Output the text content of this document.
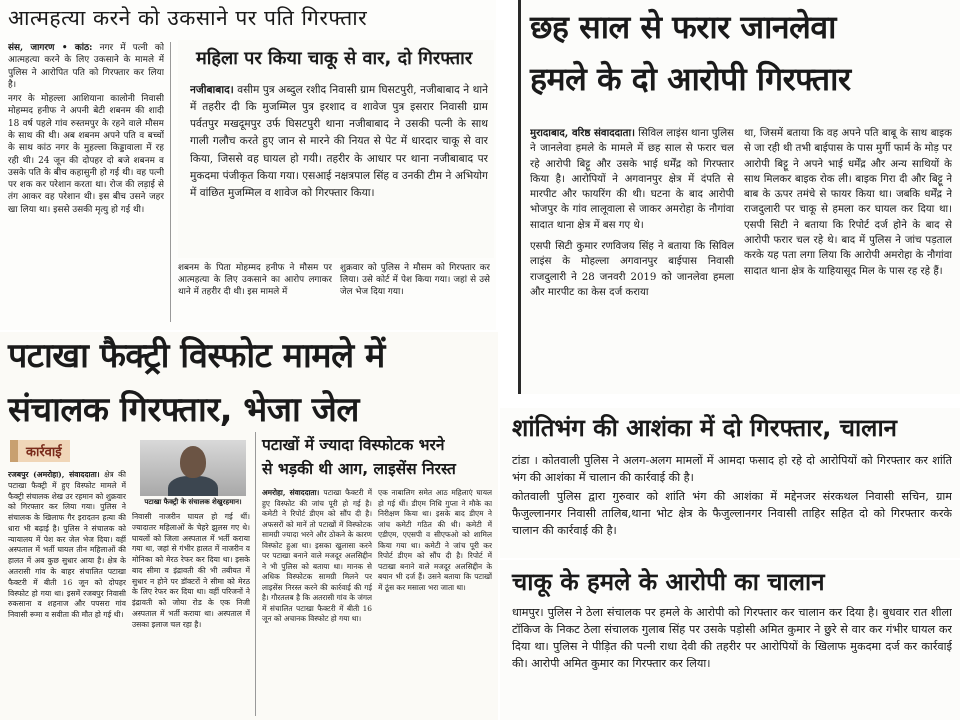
आत्महत्या करने को उकसाने पर पति गिरफ्तार

संस, जागरण • कांठ: नगर में पत्नी को आत्महत्या करने के लिए उकसाने के मामले में पुलिस ने आरोपित पति को गिरफ्तार कर लिया है।

नगर के मोहल्ला आशियाना कालोनी निवासी मोहम्मद हनीफ ने अपनी बेटी शबनम की शादी 18 वर्ष पहले गांव रुस्तमपुर के रहने वाले मौसम के साथ की थी। अब शबनम अपने पति व बच्चों के साथ कांठ नगर के मुहल्ला किड्डावाला में रह रही थी। 24 जून की दोपहर दो बजे शबनम व उसके पति के बीच कहासुनी हो गई थी। वह पत्नी पर शक कर परेशान करता था। रोज की लड़ाई से तंग आकर वह परेशान थी। इस बीच उसने जहर खा लिया था। इससे उसकी मृत्यु हो गई थी।

महिला पर किया चाकू से वार, दो गिरफ्तार

नजीबाबाद। वसीम पुत्र अब्दुल रशीद निवासी ग्राम घिसटपुरी, नजीबाबाद ने थाने में तहरीर दी कि मुजम्मिल पुत्र इरशाद व शावेज पुत्र इसरार निवासी ग्राम पर्वतपुर मखदूमपुर उर्फ घिसटपुरी थाना नजीबाबाद ने उसकी पत्नी के साथ गाली गलौच करते हुए जान से मारने की नियत से पेट में धारदार चाकू से वार किया, जिससे वह घायल हो गयी। तहरीर के आधार पर थाना नजीबाबाद पर मुकदमा पंजीकृत किया गया। एसआई नक्षत्रपाल सिंह व उनकी टीम ने अभियोग में वांछित मुजम्मिल व शावेज को गिरफ्तार किया।

शबनम के पिता मोहम्मद हनीफ ने मौसम पर आत्महत्या के लिए उकसाने का आरोप लगाकर थाने में तहरीर दी थी। इस मामले में

शुक्रवार को पुलिस ने मौसम को गिरफ्तार कर लिया। उसे कोर्ट में पेश किया गया। जहां से उसे जेल भेज दिया गया।

छह साल से फरार जानलेवा
हमले के दो आरोपी गिरफ्तार

मुरादाबाद, वरिष्ठ संवाददाता। सिविल लाइंस थाना पुलिस ने जानलेवा हमले के मामले में छह साल से फरार चल रहे आरोपी बिट्टू और उसके भाई धर्मेंद्र को गिरफ्तार किया है। आरोपियों ने अगवानपुर क्षेत्र में दंपति से मारपीट और फायरिंग की थी। घटना के बाद आरोपी भोजपुर के गांव लालूवाला से जाकर अमरोहा के नौगांवा सादात थाना क्षेत्र में बस गए थे।

एसपी सिटी कुमार रणविजय सिंह ने बताया कि सिविल लाइंस के मोहल्ला अगवानपुर बाईपास निवासी राजदुलारी ने 28 जनवरी 2019 को जानलेवा हमला और मारपीट का केस दर्ज कराया

था, जिसमें बताया कि वह अपने पति बाबू के साथ बाइक से जा रही थी तभी बाईपास के पास मुर्गी फार्म के मोड़ पर आरोपी बिट्टू ने अपने भाई धर्मेंद्र और अन्य साथियों के साथ मिलकर बाइक रोक ली। बाइक गिरा दी और बिट्टू ने बाब के ऊपर तमंचे से फायर किया था। जबकि धर्मेंद्र ने राजदुलारी पर चाकू से हमला कर घायल कर दिया था। एसपी सिटी ने बताया कि रिपोर्ट दर्ज होने के बाद से आरोपी फरार चल रहे थे। बाद में पुलिस ने जांच पड़ताल करके यह पता लगा लिया कि आरोपी अमरोहा के नौगांवा सादात थाना क्षेत्र के याहियासूद मिल के पास रह रहे हैं।

पटाखा फैक्ट्री विस्फोट मामले में
संचालक गिरफ्तार, भेजा जेल
कार्रवाई
पटाखा फैक्ट्री के संचालक शेखुरहमान।

रजबपुर (अमरोहा), संवाददाता। क्षेत्र की पटाखा फैक्ट्री में हुए विस्फोट मामले में फैक्ट्री संचालक शेख उर रहमान को शुक्रवार को गिरफ्तार कर लिया गया। पुलिस ने संचालक के खिलाफ गैर इरादतन हत्या की धारा भी बढ़ाई है। पुलिस ने संचालक को न्यायालय में पेश कर जेल भेज दिया। वहीं अस्पताल में भर्ती घायल तीन महिलाओं की हालत में अब कुछ सुधार आया है। क्षेत्र के अतरासी गांव के बाहर संचालित पटाखा फैक्टरी में बीती 16 जून को दोपहर विस्फोट हो गया था। इसमें रजबपुर निवासी रुकसाना व शहनाज और पपसरा गांव निवासी रूमा व सवीता की मौत हो गई थी।

निवासी नाजरीन घायल हो गई थीं। ज्यादातर महिलाओं के चेहरे झुलस गए थे। घायलों को जिला अस्पताल में भर्ती कराया गया था, जहां से गंभीर हालत में नाजरीन व मोनिका को मेरठ रेफर कर दिया था। इसके बाद सीमा व इंद्रावती की भी तबीयत में सुधार न होने पर डॉक्टरों ने सीमा को मेरठ के लिए रेफर कर दिया था। वहीं परिजनों ने इंद्रावती को जोया रोड के एक निजी अस्पताल में भर्ती कराया था। अस्पताल में उसका इलाज चल रहा है।

पटाखों में ज्यादा विस्फोटक भरने
से भड़की थी आग, लाइसेंस निरस्त

अमरोहा, संवाददाता। पटाखा फैक्टरी में हुए विस्फोट की जांच पूरी हो गई है। कमेटी ने रिपोर्ट डीएम को सौंप दी है। अफसरों को मानें तो पटाखों में विस्फोटक सामग्री ज्यादा भरने और ठोकने के कारण विस्फोट हुआ था। इसका खुलासा करने पर पटाखा बनाने वाले मजदूर अलसिद्दीन ने भी पुलिस को बताया था। मानक से अधिक विस्फोटक सामग्री मिलने पर लाइसेंस निरस्त करने की कार्रवाई की गई है। गौरतलब है कि अतरासी गांव के जंगल में संचालित पटाखा फैक्टरी में बीती 16 जून को अचानक विस्फोट हो गया था।

एक नाबालिग समेत आठ महिलाएं घायल हो गई थीं। डीएम निधि गुप्ता ने मौके का निरीक्षण किया था। इसके बाद डीएम ने जांच कमेटी गठित की थी। कमेटी में एडीएम, एएसपी व सीएफओ को शामिल किया गया था। कमेटी ने जांच पूरी कर रिपोर्ट डीएम को सौंप दी है। रिपोर्ट में पटाखा बनाने वाले मजदूर अलसिद्दीन के बयान भी दर्ज हैं। उसने बताया कि पटाखों में ठूंस कर मसाला भरा जाता था।

शांतिभंग की आशंका में दो गिरफ्तार, चालान

टांडा । कोतवाली पुलिस ने अलग-अलग मामलों में आमदा फसाद हो रहे दो आरोपियों को गिरफ्तार कर शांति भंग की आशंका में चालान की कार्रवाई की है।

कोतवाली पुलिस द्वारा गुरुवार को शांति भंग की आशंका में मद्देनजर संरकथल निवासी सचिन, ग्राम फैजुल्लानगर निवासी तालिब,थाना भोट क्षेत्र के फैजुल्लानगर निवासी ताहिर सहित दो को गिरफ्तार करके चालान की कार्रवाई की है।

चाकू के हमले के आरोपी का चालान

धामपुर। पुलिस ने ठेला संचालक पर हमले के आरोपी को गिरफ्तार कर चालान कर दिया है। बुधवार रात शीला टॉकिज के निकट ठेला संचालक गुलाब सिंह पर उसके पड़ोसी अमित कुमार ने छुरे से वार कर गंभीर घायल कर दिया था। पुलिस ने पीड़ित की पत्नी राधा देवी की तहरीर पर आरोपियों के खिलाफ मुकदमा दर्ज कर कार्रवाई की। आरोपी अमित कुमार का गिरफ्तार कर लिया।
